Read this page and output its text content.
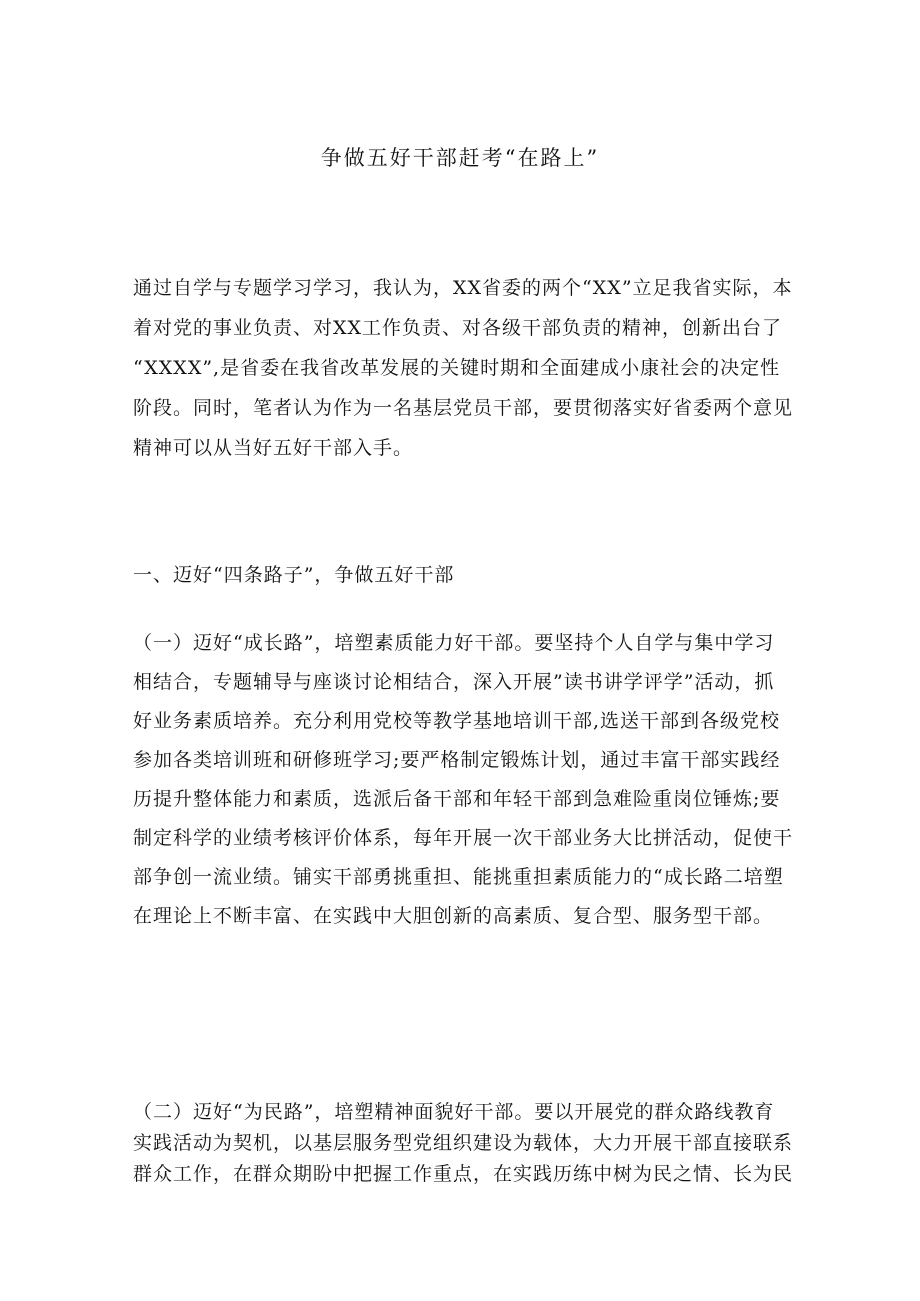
争做五好干部赶考“在路上”
通过自学与专题学习学习，我认为，XX省委的两个“XX”立足我省实际，本
着对党的事业负责、对XX工作负责、对各级干部负责的精神，创新出台了
“XXXX”,是省委在我省改革发展的关键时期和全面建成小康社会的决定性
阶段。同时，笔者认为作为一名基层党员干部，要贯彻落实好省委两个意见
精神可以从当好五好干部入手。
一、迈好“四条路子”，争做五好干部
（一）迈好“成长路”，培塑素质能力好干部。要坚持个人自学与集中学习
相结合，专题辅导与座谈讨论相结合，深入开展”读书讲学评学”活动，抓
好业务素质培养。充分利用党校等教学基地培训干部,选送干部到各级党校
参加各类培训班和研修班学习;要严格制定锻炼计划，通过丰富干部实践经
历提升整体能力和素质，选派后备干部和年轻干部到急难险重岗位锤炼;要
制定科学的业绩考核评价体系，每年开展一次干部业务大比拼活动，促使干
部争创一流业绩。铺实干部勇挑重担、能挑重担素质能力的“成长路二培塑
在理论上不断丰富、在实践中大胆创新的高素质、复合型、服务型干部。
（二）迈好“为民路”，培塑精神面貌好干部。要以开展党的群众路线教育
实践活动为契机，以基层服务型党组织建设为载体，大力开展干部直接联系
群众工作，在群众期盼中把握工作重点，在实践历练中树为民之情、长为民
